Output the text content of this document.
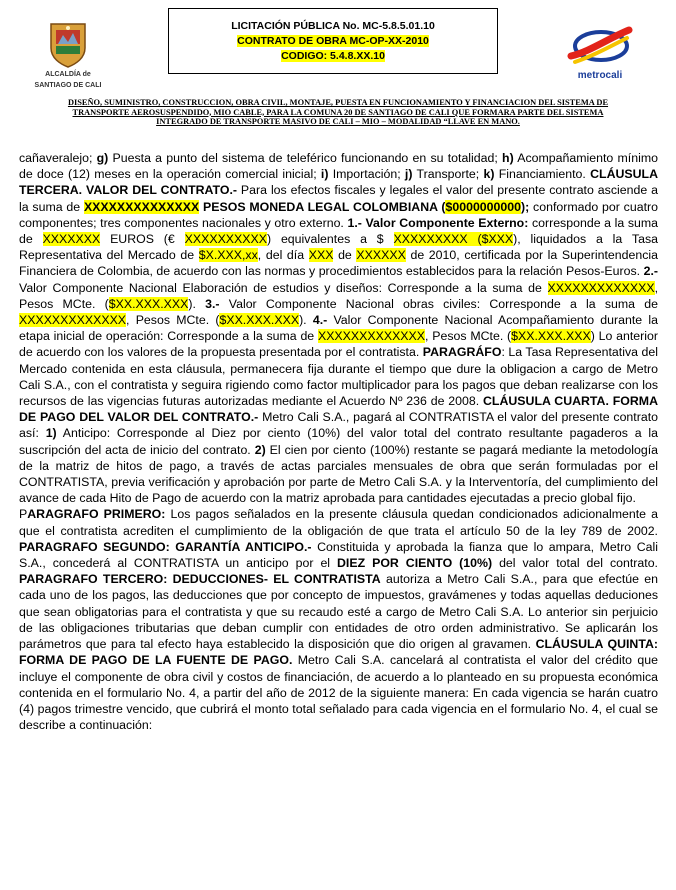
ALCALDÍA de
SANTIAGO DE CALI
LICITACIÓN PÚBLICA No. MC-5.8.5.01.10
CONTRATO DE OBRA MC-OP-XX-2010
CODIGO: 5.4.8.XX.10
metrocali
DISEÑO, SUMINISTRO, CONSTRUCCION, OBRA CIVIL, MONTAJE, PUESTA EN FUNCIONAMIENTO Y FINANCIACION DEL SISTEMA DE
TRANSPORTE AEROSUSPENDIDO, MIO CABLE, PARA LA COMUNA 20 DE SANTIAGO DE CALI QUE FORMARA PARTE DEL SISTEMA
INTEGRADO DE TRANSPORTE MASIVO DE CALI – MIO – MODALIDAD “LLAVE EN MANO.
cañaveralejo; g) Puesta a punto del sistema de teleférico funcionando en su totalidad; h) Acompañamiento mínimo de doce (12) meses en la operación comercial inicial; i) Importación; j) Transporte; k) Financiamiento. CLÁUSULA TERCERA. VALOR DEL CONTRATO.- Para los efectos fiscales y legales el valor del presente contrato asciende a la suma de XXXXXXXXXXXXXX PESOS MONEDA LEGAL COLOMBIANA ($0000000000); conformado por cuatro componentes; tres componentes nacionales y otro externo. 1.- Valor Componente Externo: corresponde a la suma de XXXXXXX EUROS (€ XXXXXXXXXX) equivalentes a $ XXXXXXXXX ($XXX), liquidados a la Tasa Representativa del Mercado de $X.XXX,xx, del día XXX de XXXXXX de 2010, certificada por la Superintendencia Financiera de Colombia, de acuerdo con las normas y procedimientos establecidos para la relación Pesos-Euros. 2.- Valor Componente Nacional Elaboración de estudios y diseños: Corresponde a la suma de XXXXXXXXXXXXX, Pesos MCte. ($XX.XXX.XXX). 3.- Valor Componente Nacional obras civiles: Corresponde a la suma de XXXXXXXXXXXXX, Pesos MCte. ($XX.XXX.XXX). 4.- Valor Componente Nacional Acompañamiento durante la etapa inicial de operación: Corresponde a la suma de XXXXXXXXXXXXX, Pesos MCte. ($XX.XXX.XXX) Lo anterior de acuerdo con los valores de la propuesta presentada por el contratista. PARAGRÁFO: La Tasa Representativa del Mercado contenida en esta cláusula, permanecera fija durante el tiempo que dure la obligacion a cargo de Metro Cali S.A., con el contratista y seguira rigiendo como factor multiplicador para los pagos que deban realizarse con los recursos de las vigencias futuras autorizadas mediante el Acuerdo Nº 236 de 2008. CLÁUSULA CUARTA. FORMA DE PAGO DEL VALOR DEL CONTRATO.- Metro Cali S.A., pagará al CONTRATISTA el valor del presente contrato así: 1) Anticipo: Corresponde al Diez por ciento (10%) del valor total del contrato resultante pagaderos a la suscripción del acta de inicio del contrato. 2) El cien por ciento (100%) restante se pagará mediante la metodología de la matriz de hitos de pago, a través de actas parciales mensuales de obra que serán formuladas por el CONTRATISTA, previa verificación y aprobación por parte de Metro Cali S.A. y la Interventoría, del cumplimiento del avance de cada Hito de Pago de acuerdo con la matriz aprobada para cantidades ejecutadas a precio global fijo.
PARAGRAFO PRIMERO: Los pagos señalados en la presente cláusula quedan condicionados adicionalmente a que el contratista acrediten el cumplimiento de la obligación de que trata el artículo 50 de la ley 789 de 2002. PARAGRAFO SEGUNDO: GARANTÍA ANTICIPO.- Constituida y aprobada la fianza que lo ampara, Metro Cali S.A., concederá al CONTRATISTA un anticipo por el DIEZ POR CIENTO (10%) del valor total del contrato. PARAGRAFO TERCERO: DEDUCCIONES- EL CONTRATISTA autoriza a Metro Cali S.A., para que efectúe en cada uno de los pagos, las deducciones que por concepto de impuestos, gravámenes y todas aquellas deduciones que sean obligatorias para el contratista y que su recaudo esté a cargo de Metro Cali S.A. Lo anterior sin perjuicio de las obligaciones tributarias que deban cumplir con entidades de otro orden administrativo. Se aplicarán los parámetros que para tal efecto haya establecido la disposición que dio origen al gravamen. CLÁUSULA QUINTA: FORMA DE PAGO DE LA FUENTE DE PAGO. Metro Cali S.A. cancelará al contratista el valor del crédito que incluye el componente de obra civil y costos de financiación, de acuerdo a lo planteado en su propuesta económica contenida en el formulario No. 4, a partir del año de 2012 de la siguiente manera: En cada vigencia se harán cuatro (4) pagos trimestre vencido, que cubrirá el monto total señalado para cada vigencia en el formulario No. 4, el cual se describe a continuación:
